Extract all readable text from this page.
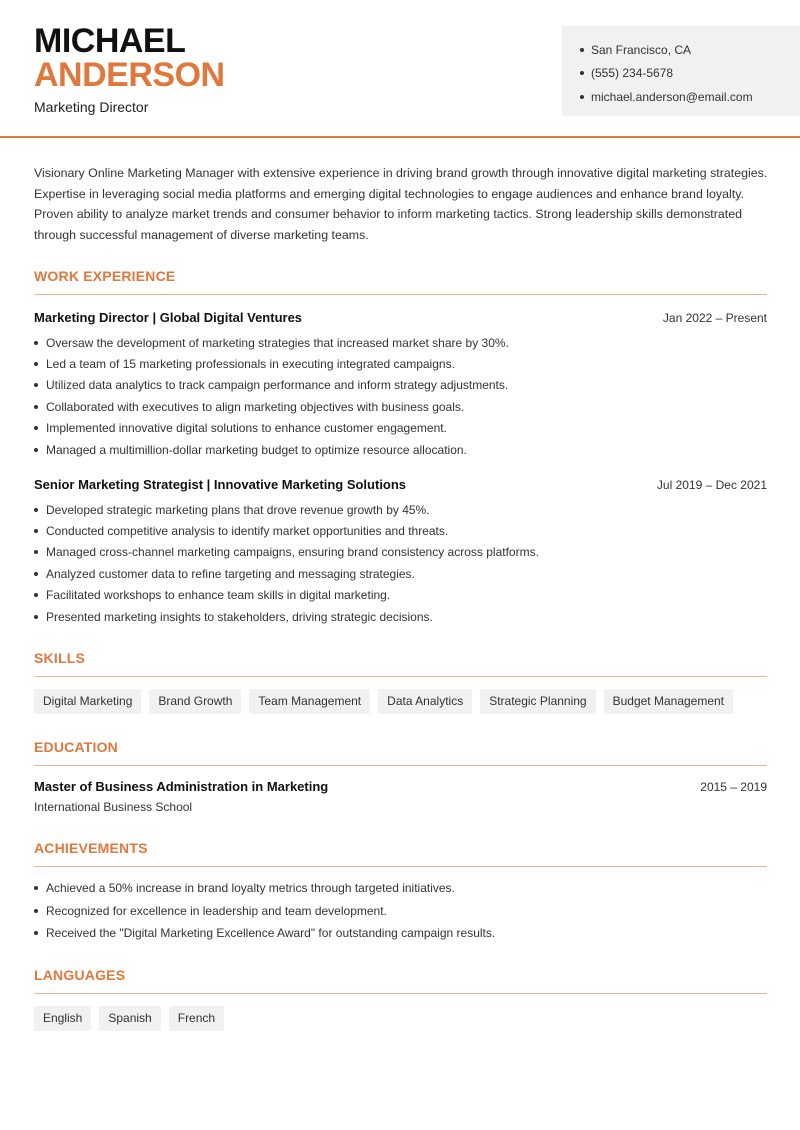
MICHAEL
ANDERSON
Marketing Director
San Francisco, CA
(555) 234-5678
michael.anderson@email.com

Visionary Online Marketing Manager with extensive experience in driving brand growth through innovative digital marketing strategies. Expertise in leveraging social media platforms and emerging digital technologies to engage audiences and enhance brand loyalty. Proven ability to analyze market trends and consumer behavior to inform marketing tactics. Strong leadership skills demonstrated through successful management of diverse marketing teams.

WORK EXPERIENCE
Marketing Director | Global Digital Ventures	Jan 2022 – Present
Oversaw the development of marketing strategies that increased market share by 30%.
Led a team of 15 marketing professionals in executing integrated campaigns.
Utilized data analytics to track campaign performance and inform strategy adjustments.
Collaborated with executives to align marketing objectives with business goals.
Implemented innovative digital solutions to enhance customer engagement.
Managed a multimillion-dollar marketing budget to optimize resource allocation.
Senior Marketing Strategist | Innovative Marketing Solutions	Jul 2019 – Dec 2021
Developed strategic marketing plans that drove revenue growth by 45%.
Conducted competitive analysis to identify market opportunities and threats.
Managed cross-channel marketing campaigns, ensuring brand consistency across platforms.
Analyzed customer data to refine targeting and messaging strategies.
Facilitated workshops to enhance team skills in digital marketing.
Presented marketing insights to stakeholders, driving strategic decisions.
SKILLS
Digital Marketing	Brand Growth	Team Management	Data Analytics	Strategic Planning	Budget Management
EDUCATION
Master of Business Administration in Marketing	2015 – 2019
International Business School
ACHIEVEMENTS
Achieved a 50% increase in brand loyalty metrics through targeted initiatives.
Recognized for excellence in leadership and team development.
Received the "Digital Marketing Excellence Award" for outstanding campaign results.
LANGUAGES
English	Spanish	French
